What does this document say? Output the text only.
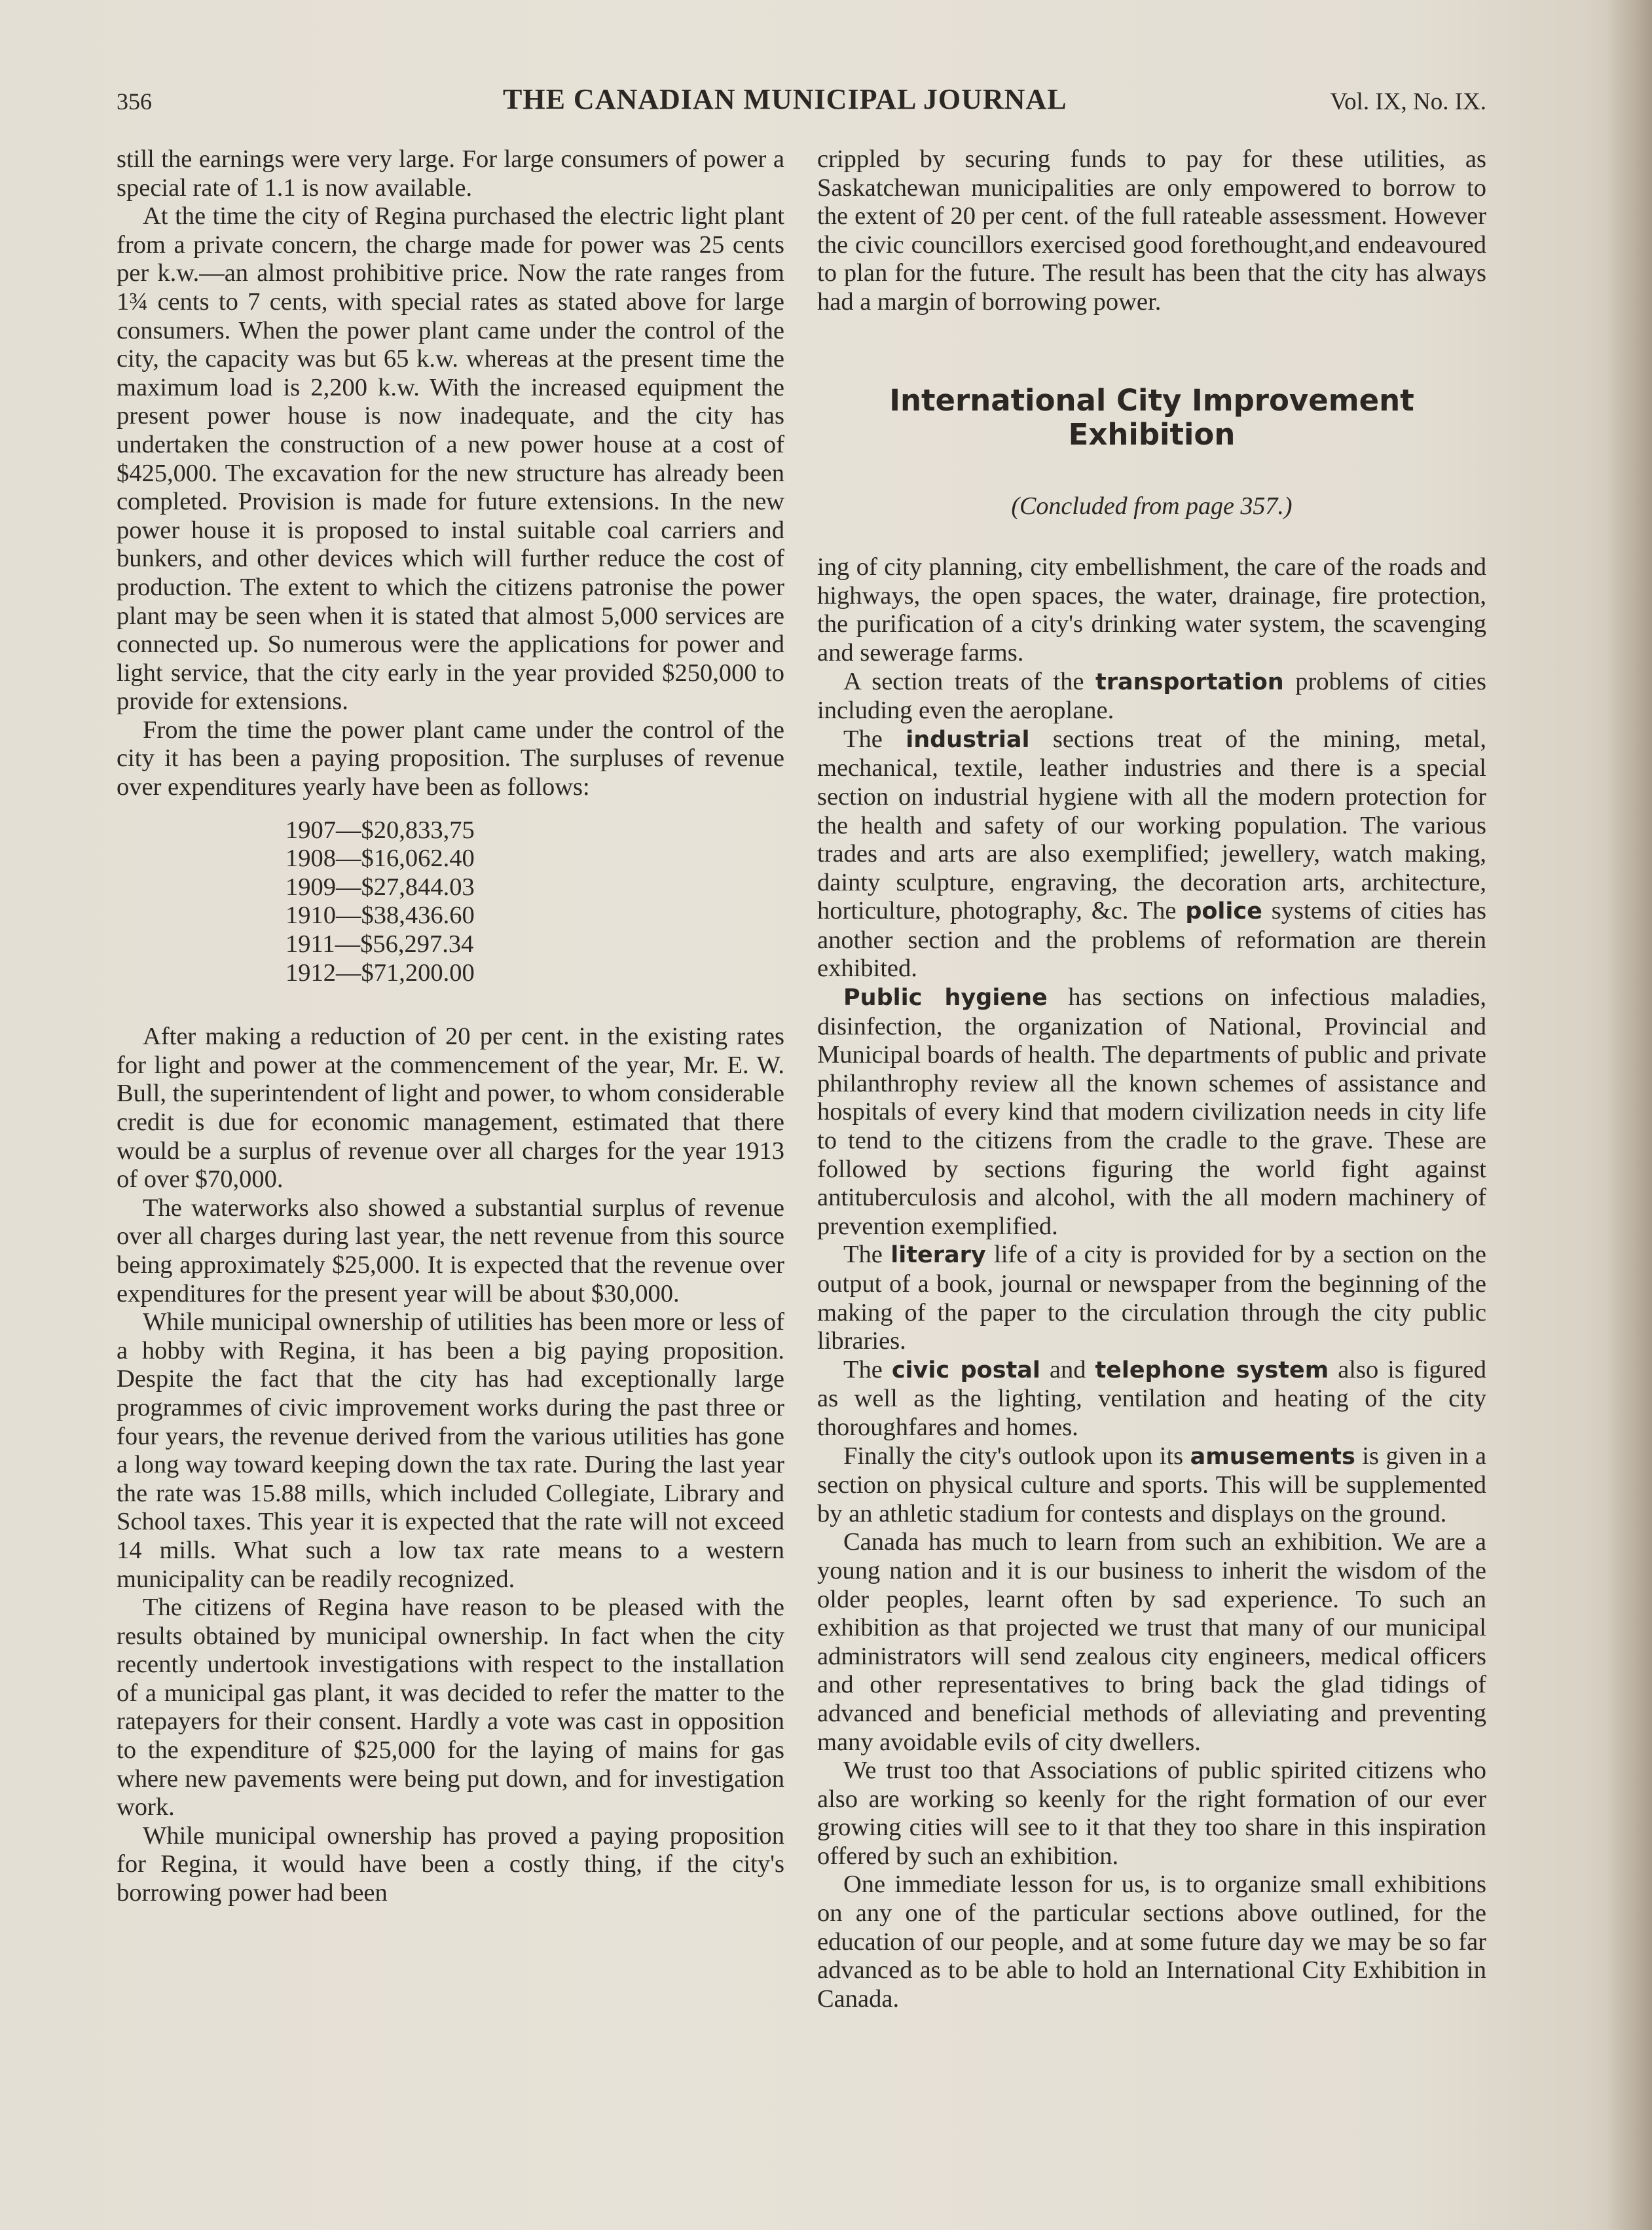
356	THE CANADIAN MUNICIPAL JOURNAL	Vol. IX, No. IX.

still the earnings were very large. For large consumers of power a special rate of 1.1 is now available.

At the time the city of Regina purchased the electric light plant from a private concern, the charge made for power was 25 cents per k.w.—an almost prohibitive price. Now the rate ranges from 1¾ cents to 7 cents, with special rates as stated above for large consumers. When the power plant came under the control of the city, the capacity was but 65 k.w. whereas at the present time the maximum load is 2,200 k.w. With the increased equipment the present power house is now inadequate, and the city has undertaken the construction of a new power house at a cost of $425,000. The excavation for the new structure has already been completed. Provision is made for future extensions. In the new power house it is proposed to instal suitable coal carriers and bunkers, and other devices which will further reduce the cost of production. The extent to which the citizens patronise the power plant may be seen when it is stated that almost 5,000 services are connected up. So numerous were the applications for power and light service, that the city early in the year provided $250,000 to provide for extensions.

From the time the power plant came under the control of the city it has been a paying proposition. The surpluses of revenue over expenditures yearly have been as follows:

1907—$20,833,75
1908—$16,062.40
1909—$27,844.03
1910—$38,436.60
1911—$56,297.34
1912—$71,200.00

After making a reduction of 20 per cent. in the existing rates for light and power at the commencement of the year, Mr. E. W. Bull, the superintendent of light and power, to whom considerable credit is due for economic management, estimated that there would be a surplus of revenue over all charges for the year 1913 of over $70,000.

The waterworks also showed a substantial surplus of revenue over all charges during last year, the nett revenue from this source being approximately $25,000. It is expected that the revenue over expenditures for the present year will be about $30,000.

While municipal ownership of utilities has been more or less of a hobby with Regina, it has been a big paying proposition. Despite the fact that the city has had exceptionally large programmes of civic improvement works during the past three or four years, the revenue derived from the various utilities has gone a long way toward keeping down the tax rate. During the last year the rate was 15.88 mills, which included Collegiate, Library and School taxes. This year it is expected that the rate will not exceed 14 mills. What such a low tax rate means to a western municipality can be readily recognized.

The citizens of Regina have reason to be pleased with the results obtained by municipal ownership. In fact when the city recently undertook investigations with respect to the installation of a municipal gas plant, it was decided to refer the matter to the ratepayers for their consent. Hardly a vote was cast in opposition to the expenditure of $25,000 for the laying of mains for gas where new pavements were being put down, and for investigation work.

While municipal ownership has proved a paying proposition for Regina, it would have been a costly thing, if the city's borrowing power had been

crippled by securing funds to pay for these utilities, as Saskatchewan municipalities are only empowered to borrow to the extent of 20 per cent. of the full rateable assessment. However the civic councillors exercised good forethought,and endeavoured to plan for the future. The result has been that the city has always had a margin of borrowing power.

International City Improvement
Exhibition
(Concluded from page 357.)

ing of city planning, city embellishment, the care of the roads and highways, the open spaces, the water, drainage, fire protection, the purification of a city's drinking water system, the scavenging and sewerage farms.

A section treats of the transportation problems of cities including even the aeroplane.

The industrial sections treat of the mining, metal, mechanical, textile, leather industries and there is a special section on industrial hygiene with all the modern protection for the health and safety of our working population. The various trades and arts are also exemplified; jewellery, watch making, dainty sculpture, engraving, the decoration arts, architecture, horticulture, photography, &c. The police systems of cities has another section and the problems of reformation are therein exhibited.

Public hygiene has sections on infectious maladies, disinfection, the organization of National, Provincial and Municipal boards of health. The departments of public and private philanthrophy review all the known schemes of assistance and hospitals of every kind that modern civilization needs in city life to tend to the citizens from the cradle to the grave. These are followed by sections figuring the world fight against antituberculosis and alcohol, with the all modern machinery of prevention exemplified.

The literary life of a city is provided for by a section on the output of a book, journal or newspaper from the beginning of the making of the paper to the circulation through the city public libraries.

The civic postal and telephone system also is figured as well as the lighting, ventilation and heating of the city thoroughfares and homes.

Finally the city's outlook upon its amusements is given in a section on physical culture and sports. This will be supplemented by an athletic stadium for contests and displays on the ground.

Canada has much to learn from such an exhibition. We are a young nation and it is our business to inherit the wisdom of the older peoples, learnt often by sad experience. To such an exhibition as that projected we trust that many of our municipal administrators will send zealous city engineers, medical officers and other representatives to bring back the glad tidings of advanced and beneficial methods of alleviating and preventing many avoidable evils of city dwellers.

We trust too that Associations of public spirited citizens who also are working so keenly for the right formation of our ever growing cities will see to it that they too share in this inspiration offered by such an exhibition.

One immediate lesson for us, is to organize small exhibitions on any one of the particular sections above outlined, for the education of our people, and at some future day we may be so far advanced as to be able to hold an International City Exhibition in Canada.
